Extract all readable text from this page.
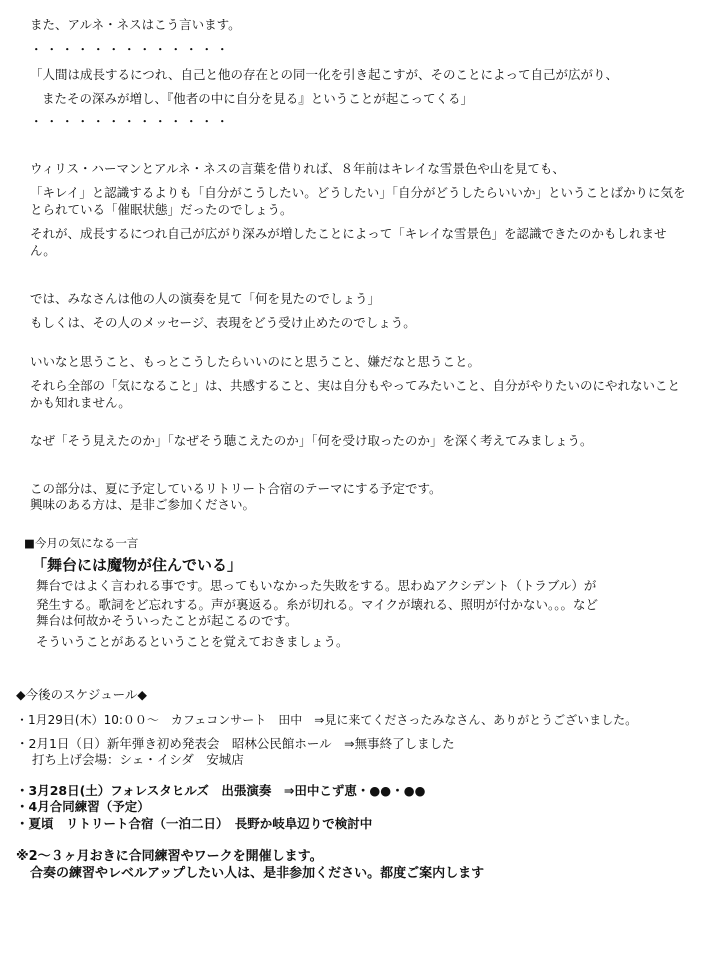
また、アルネ・ネスはこう言います。

・・・・・・・・・・・・・

「人間は成長するにつれ、自己と他の存在との同一化を引き起こすが、そのことによって自己が広がり、

またその深みが増し、『他者の中に自分を見る』ということが起こってくる」

・・・・・・・・・・・・・

ウィリス・ハーマンとアルネ・ネスの言葉を借りれば、８年前はキレイな雪景色や山を見ても、

「キレイ」と認識するよりも「自分がこうしたい。どうしたい」「自分がどうしたらいいか」ということばかりに気をとられている「催眠状態」だったのでしょう。

それが、成長するにつれ自己が広がり深みが増したことによって「キレイな雪景色」を認識できたのかもしれません。

では、みなさんは他の人の演奏を見て「何を見たのでしょう」

もしくは、その人のメッセージ、表現をどう受け止めたのでしょう。

いいなと思うこと、もっとこうしたらいいのにと思うこと、嫌だなと思うこと。

それら全部の「気になること」は、共感すること、実は自分もやってみたいこと、自分がやりたいのにやれないことかも知れません。

なぜ「そう見えたのか」「なぜそう聴こえたのか」「何を受け取ったのか」を深く考えてみましょう。

この部分は、夏に予定しているリトリート合宿のテーマにする予定です。

興味のある方は、是非ご参加ください。

■今月の気になる一言

「舞台には魔物が住んでいる」

舞台ではよく言われる事です。思ってもいなかった失敗をする。思わぬアクシデント（トラブル）が

発生する。歌詞をど忘れする。声が裏返る。糸が切れる。マイクが壊れる、照明が付かない。。。など

舞台は何故かそういったことが起こるのです。

そういうことがあるということを覚えておきましょう。

◆今後のスケジュール◆

・1月29日(木）10:００～　カフェコンサート　田中　⇒見に来てくださったみなさん、ありがとうございました。

・2月1日（日）新年弾き初め発表会　昭林公民館ホール　⇒無事終了しました

打ち上げ会場：シェ・イシダ　安城店

・3月28日(土）フォレスタヒルズ　出張演奏　⇒田中こず恵・●●・●●

・4月合同練習（予定）

・夏頃　リトリート合宿（一泊二日）　長野か岐阜辺りで検討中

※2～３ヶ月おきに合同練習やワークを開催します。

合奏の練習やレベルアップしたい人は、是非参加ください。都度ご案内します
